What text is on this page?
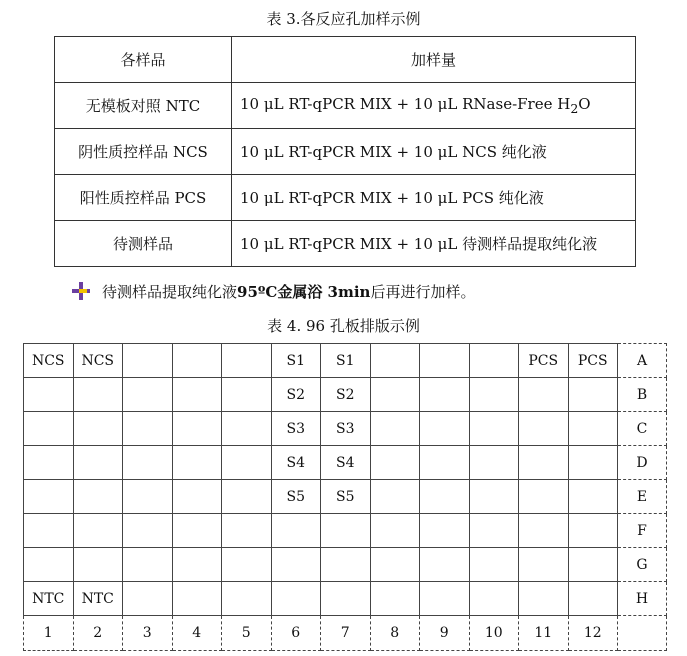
表 3.各反应孔加样示例
各样品	加样量
无模板对照 NTC	10 μL RT-qPCR MIX + 10 μL RNase-Free $H_2O$
阴性质控样品 NCS	10 μL RT-qPCR MIX + 10 μL NCS 纯化液
阳性质控样品 PCS	10 μL RT-qPCR MIX + 10 μL PCS 纯化液
待测样品	10 μL RT-qPCR MIX + 10 μL 待测样品提取纯化液
待测样品提取纯化液 95ºC金属浴 3min 后再进行加样。
表 4. 96 孔板排版示例
NCS	NCS				S1	S1				PCS	PCS	A
					S2	S2						B
					S3	S3						C
					S4	S4						D
					S5	S5						E
												F
												G
NTC	NTC											H
1	2	3	4	5	6	7	8	9	10	11	12	
